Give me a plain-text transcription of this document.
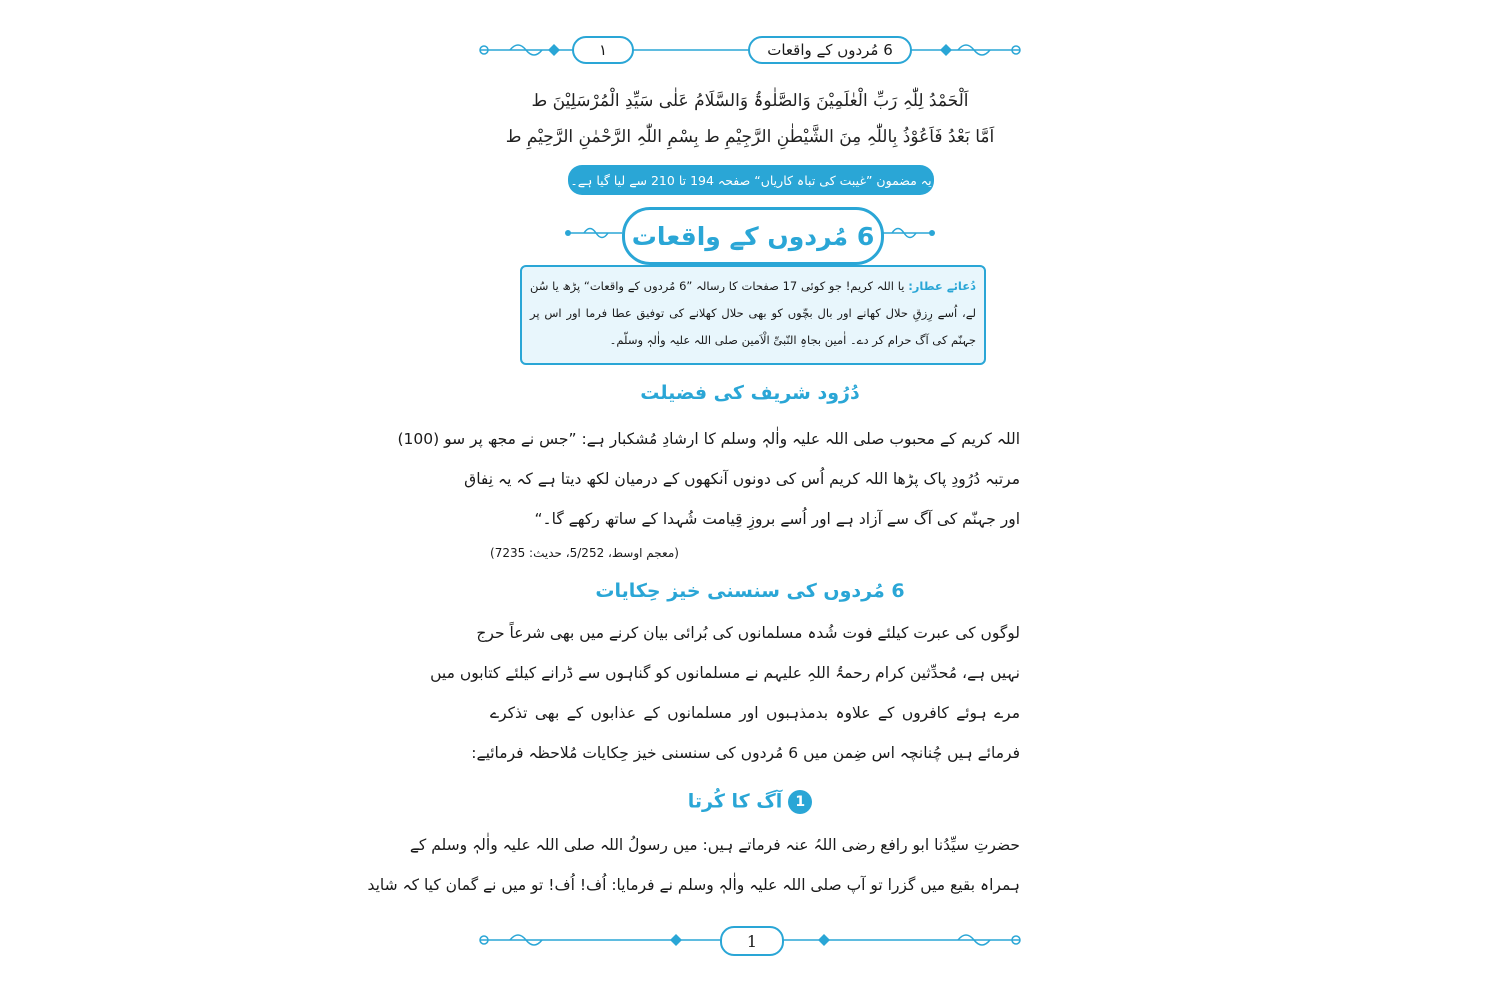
۱	6 مُردوں کے واقعات
اَلْحَمْدُ لِلّٰہِ رَبِّ الْعٰلَمِیْنَ وَالصَّلٰوۃُ وَالسَّلَامُ عَلٰی سَیِّدِ الْمُرْسَلِیْنَ ط
اَمَّا بَعْدُ فَاَعُوْذُ بِاللّٰہِ مِنَ الشَّیْطٰنِ الرَّجِیْمِ ط بِسْمِ اللّٰہِ الرَّحْمٰنِ الرَّحِیْمِ ط
یہ مضمون ”غیبت کی تباہ کاریاں“ صفحہ 194 تا 210 سے لیا گیا ہے۔
6 مُردوں کے واقعات
دُعائے عطار: یا اللہ کریم! جو کوئی 17 صفحات کا رسالہ ”6 مُردوں کے واقعات“ پڑھ یا سُن لے، اُسے رِزقِ حلال کھانے اور بال بچّوں کو بھی حلال کھلانے کی توفیق عطا فرما اور اس پر جہنّم کی آگ حرام کر دے۔ اٰمین بجاہِ النّبیِّ الْاَمین صلی اللہ علیہ واٰلہٖ وسلّم۔
دُرُود شریف کی فضیلت
اللہ کریم کے محبوب صلی اللہ علیہ واٰلہٖ وسلم کا ارشادِ مُشکبار ہے: ”جس نے مجھ پر سو (100)
مرتبہ دُرُودِ پاک پڑھا اللہ کریم اُس کی دونوں آنکھوں کے درمیان لکھ دیتا ہے کہ یہ نِفاق
اور جہنّم کی آگ سے آزاد ہے اور اُسے بروزِ قِیامت شُہدا کے ساتھ رکھے گا۔“
(معجم اوسط، 5/252، حدیث: 7235)
6 مُردوں کی سنسنی خیز حِکایات
لوگوں کی عبرت کیلئے فوت شُدہ مسلمانوں کی بُرائی بیان کرنے میں بھی شرعاً حرج
نہیں ہے، مُحدِّثین کرام رحمۃُ اللہِ علیہم نے مسلمانوں کو گناہوں سے ڈرانے کیلئے کتابوں میں
مرے ہوئے کافروں کے علاوہ بدمذہبوں اور مسلمانوں کے عذابوں کے بھی تذکرے
فرمائے ہیں چُنانچہ اس ضِمن میں 6 مُردوں کی سنسنی خیز حِکایات مُلاحظہ فرمائیے:
1آگ کا کُرتا
حضرتِ سیِّدُنا ابو رافع رضی اللہُ عنہ فرماتے ہیں: میں رسولُ اللہ صلی اللہ علیہ واٰلہٖ وسلم کے
ہمراہ بقیع میں گزرا تو آپ صلی اللہ علیہ واٰلہٖ وسلم نے فرمایا: اُف! اُف! تو میں نے گمان کیا کہ شاید
1
